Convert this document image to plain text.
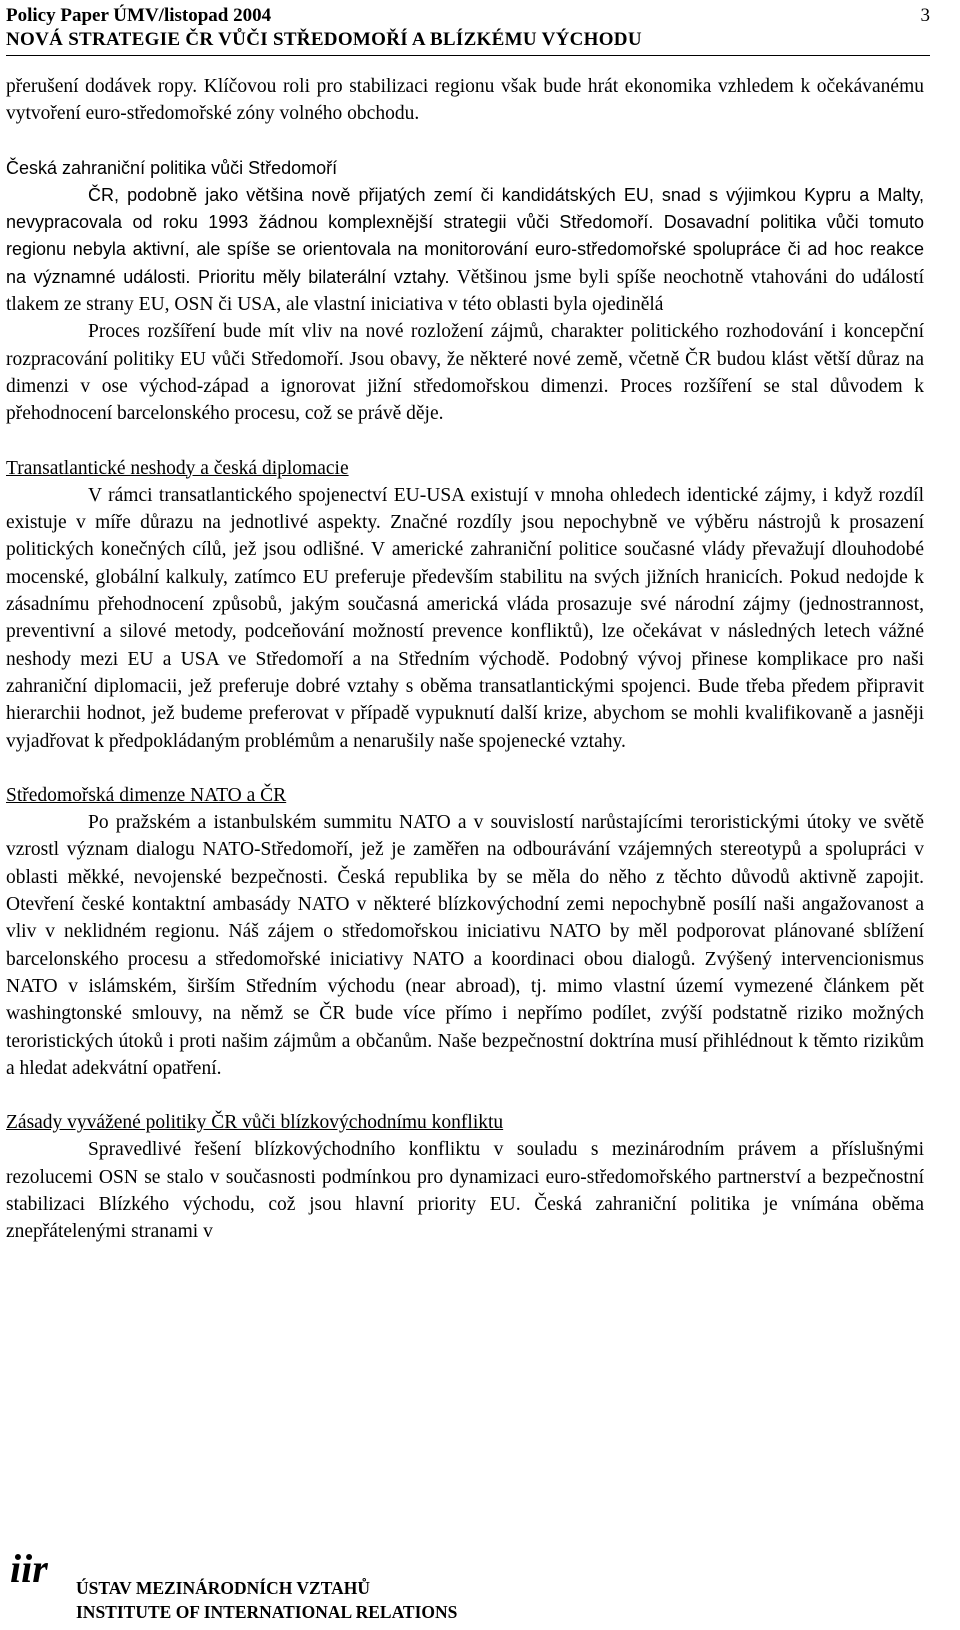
Policy Paper ÚMV/listopad 2004
NOVÁ STRATEGIE ČR VŮČI STŘEDOMOŘÍ A BLÍZKÉMU VÝCHODU
3

přerušení dodávek ropy. Klíčovou roli pro stabilizaci regionu však bude hrát ekonomika vzhledem k očekávanému vytvoření euro-středomořské zóny volného obchodu.

Česká zahraniční politika vůči Středomoří

ČR, podobně jako většina nově přijatých zemí či kandidátských EU, snad s výjimkou Kypru a Malty, nevypracovala od roku 1993 žádnou komplexnější strategii vůči Středomoří. Dosavadní politika vůči tomuto regionu nebyla aktivní, ale spíše se orientovala na monitorování euro-středomořské spolupráce či ad hoc reakce na významné události. Prioritu měly bilaterální vztahy. Většinou jsme byli spíše neochotně vtahováni do událostí tlakem ze strany EU, OSN či USA, ale vlastní iniciativa v této oblasti byla ojedinělá

Proces rozšíření bude mít vliv na nové rozložení zájmů, charakter politického rozhodování i koncepční rozpracování politiky EU vůči Středomoří. Jsou obavy, že některé nové země, včetně ČR budou klást větší důraz na dimenzi v ose východ-západ a ignorovat jižní středomořskou dimenzi. Proces rozšíření se stal důvodem k přehodnocení barcelonského procesu, což se právě děje.

Transatlantické neshody a česká diplomacie

V rámci transatlantického spojenectví EU-USA existují v mnoha ohledech identické zájmy, i když rozdíl existuje v míře důrazu na jednotlivé aspekty. Značné rozdíly jsou nepochybně ve výběru nástrojů k prosazení politických konečných cílů, jež jsou odlišné. V americké zahraniční politice současné vlády převažují dlouhodobé mocenské, globální kalkuly, zatímco EU preferuje především stabilitu na svých jižních hranicích. Pokud nedojde k zásadnímu přehodnocení způsobů, jakým současná americká vláda prosazuje své národní zájmy (jednostrannost, preventivní a silové metody, podceňování možností prevence konfliktů), lze očekávat v následných letech vážné neshody mezi EU a USA ve Středomoří a na Středním východě. Podobný vývoj přinese komplikace pro naši zahraniční diplomacii, jež preferuje dobré vztahy s oběma transatlantickými spojenci. Bude třeba předem připravit hierarchii hodnot, jež budeme preferovat v případě vypuknutí další krize, abychom se mohli kvalifikovaně a jasněji vyjadřovat k předpokládaným problémům a nenarušily naše spojenecké vztahy.

Středomořská dimenze NATO a ČR

Po pražském a istanbulském summitu NATO a v souvislostí narůstajícími teroristickými útoky ve světě vzrostl význam dialogu NATO-Středomoří, jež je zaměřen na odbourávání vzájemných stereotypů a spolupráci v oblasti měkké, nevojenské bezpečnosti. Česká republika by se měla do něho z těchto důvodů aktivně zapojit. Otevření české kontaktní ambasády NATO v některé blízkovýchodní zemi nepochybně posílí naši angažovanost a vliv v neklidném regionu. Náš zájem o středomořskou iniciativu NATO by měl podporovat plánované sblížení barcelonského procesu a středomořské iniciativy NATO a koordinaci obou dialogů. Zvýšený intervencionismus NATO v islámském, širším Středním východu (near abroad), tj. mimo vlastní území vymezené článkem pět washingtonské smlouvy, na němž se ČR bude více přímo i nepřímo podílet, zvýší podstatně riziko možných teroristických útoků i proti našim zájmům a občanům. Naše bezpečnostní doktrína musí přihlédnout k těmto rizikům a hledat adekvátní opatření.

Zásady vyvážené politiky ČR vůči blízkovýchodnímu konfliktu

Spravedlivé řešení blízkovýchodního konfliktu v souladu s mezinárodním právem a příslušnými rezolucemi OSN se stalo v současnosti podmínkou pro dynamizaci euro-středomořského partnerství a bezpečnostní stabilizaci Blízkého východu, což jsou hlavní priority EU. Česká zahraniční politika je vnímána oběma znepřátelenými stranami v

iir ÚSTAV MEZINÁRODNÍCH VZTAHŮ
INSTITUTE OF INTERNATIONAL RELATIONS
